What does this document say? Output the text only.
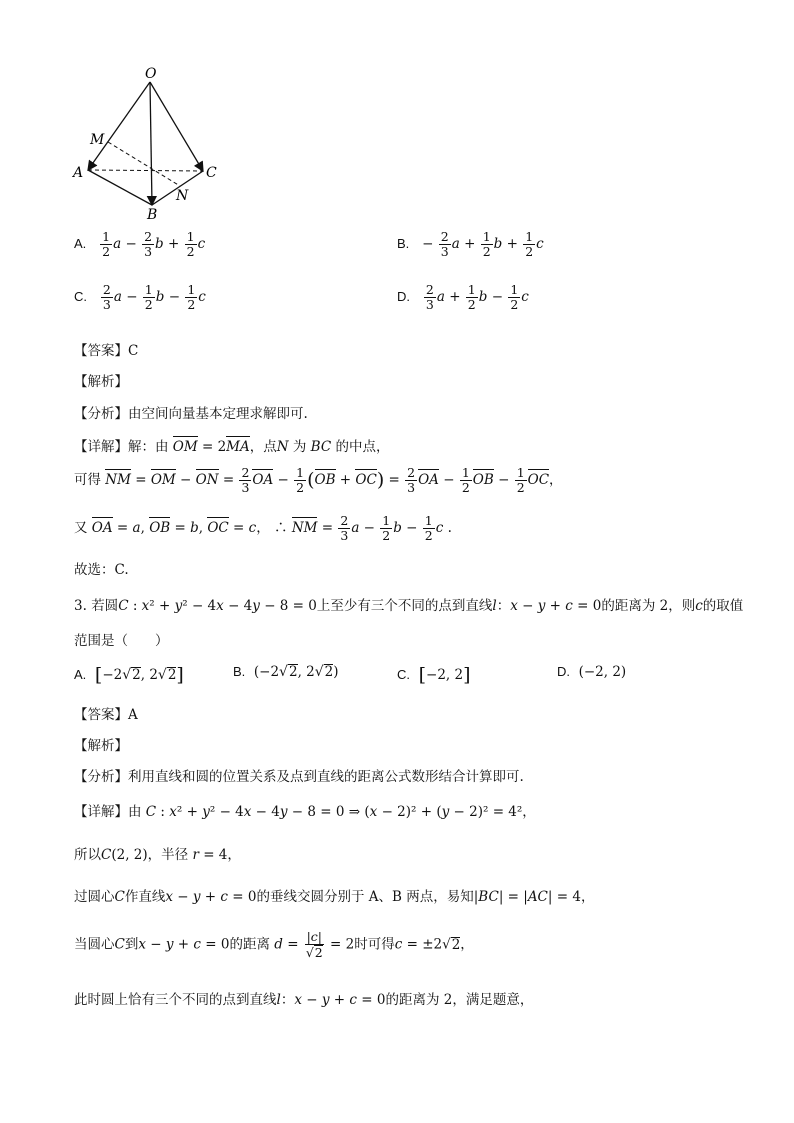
O
M
A	C
N
B
A. $\frac{1}{2}$ $a - \frac{2}{3}$ $b + \frac{1}{2}$ c	B. − $\frac{2}{3}$ $a + \frac{1}{2}$ $b + \frac{1}{2}$ c
C. $\frac{2}{3}$ $a - \frac{1}{2}$ $b - \frac{1}{2}$ c	D. $\frac{2}{3}$ $a + \frac{1}{2}$ $b - \frac{1}{2}$ c
【答案】C
【解析】
【分析】由空间向量基本定理求解即可.
【详解】解：由 OM = 2MA，点N 为 BC 的中点，
可得 NM = OM − ON = $\frac{2}{3}$ OA − $\frac{1}{2} (OB + OC) = \frac{2}{3}$ OA − $\frac{1}{2}$ OB − $\frac{1}{2}$ OC，
又 OA = a, OB = b, OC = c， ∴ NM = $\frac{2}{3}$ $a - \frac{1}{2}$ $b - \frac{1}{2}$ c .
故选：C.
3. 若圆C : x² + y² − 4x − 4y − 8 = 0上至少有三个不同的点到直线l：x − y + c = 0的距离为 2，则c的取值
范围是（　　）
A. [−2√2, 2√2]	B.  (−2√2, 2√2)	C. [−2, 2]	D. (−2, 2)
【答案】A
【解析】
【分析】利用直线和圆的位置关系及点到直线的距离公式数形结合计算即可.
【详解】由 C : x² + y² − 4x − 4y − 8 = 0 ⇒ (x − 2)² + (y − 2)² = 4²，
所以C(2, 2)，半径 r = 4，
过圆心C作直线x − y + c = 0的垂线交圆分别于 A、B 两点，易知|BC| = |AC| = 4，
当圆心C到x − y + c = 0的距离 $d = \frac{|c|}{√2} = 2$时可得c = ±2√2，
此时圆上恰有三个不同的点到直线l：x − y + c = 0的距离为 2，满足题意，
